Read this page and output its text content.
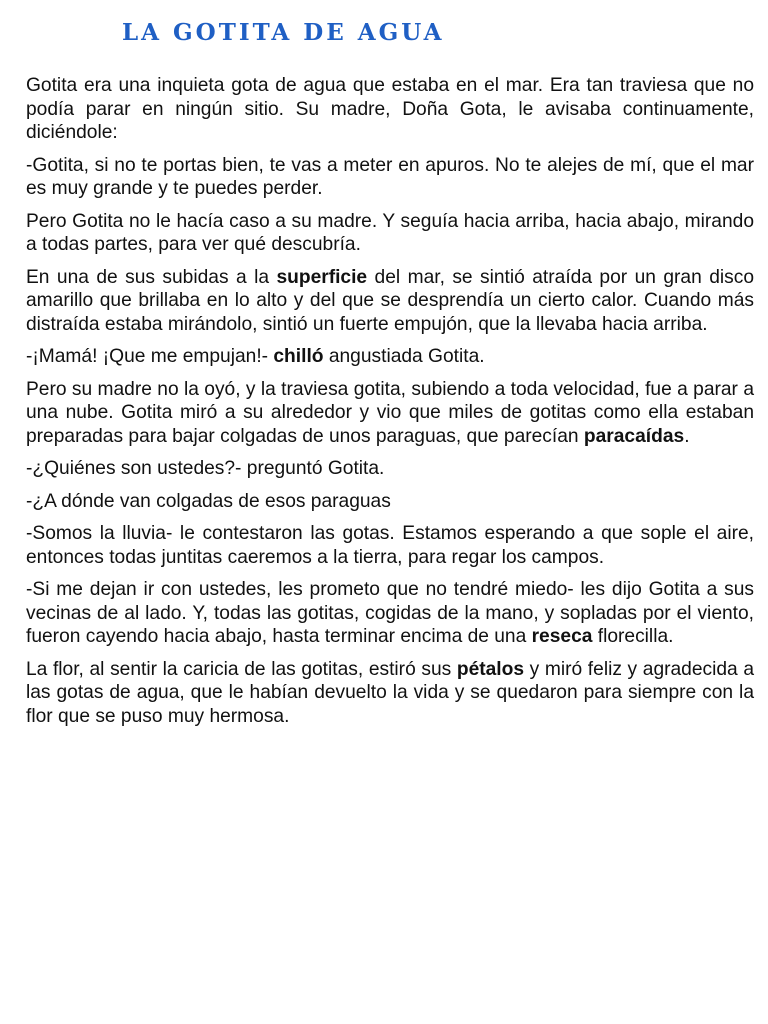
LA GOTITA DE AGUA

Gotita era una inquieta gota de agua que estaba en el mar. Era tan traviesa que no podía parar en ningún sitio. Su madre, Doña Gota, le avisaba continuamente, diciéndole:

-Gotita, si no te portas bien, te vas a meter en apuros. No te alejes de mí, que el mar es muy grande y te puedes perder.

Pero Gotita no le hacía caso a su madre. Y seguía hacia arriba, hacia abajo, mirando a todas partes, para ver qué descubría.

En una de sus subidas a la superficie del mar, se sintió atraída por un gran disco amarillo que brillaba en lo alto y del que se desprendía un cierto calor. Cuando más distraída estaba mirándolo, sintió un fuerte empujón, que la llevaba hacia arriba.

-¡Mamá! ¡Que me empujan!- chilló angustiada Gotita.

Pero su madre no la oyó, y la traviesa gotita, subiendo a toda velocidad, fue a parar a una nube. Gotita miró a su alrededor y vio que miles de gotitas como ella estaban preparadas para bajar colgadas de unos paraguas, que parecían paracaídas.

-¿Quiénes son ustedes?- preguntó Gotita.

-¿A dónde van colgadas de esos paraguas

-Somos la lluvia- le contestaron las gotas. Estamos esperando a que sople el aire, entonces todas juntitas caeremos a la tierra, para regar los campos.

-Si me dejan ir con ustedes, les prometo que no tendré miedo- les dijo Gotita a sus vecinas de al lado. Y, todas las gotitas, cogidas de la mano, y sopladas por el viento, fueron cayendo hacia abajo, hasta terminar encima de una reseca florecilla.

La flor, al sentir la caricia de las gotitas, estiró sus pétalos y miró feliz y agradecida a las gotas de agua, que le habían devuelto la vida y se quedaron para siempre con la flor que se puso muy hermosa.
